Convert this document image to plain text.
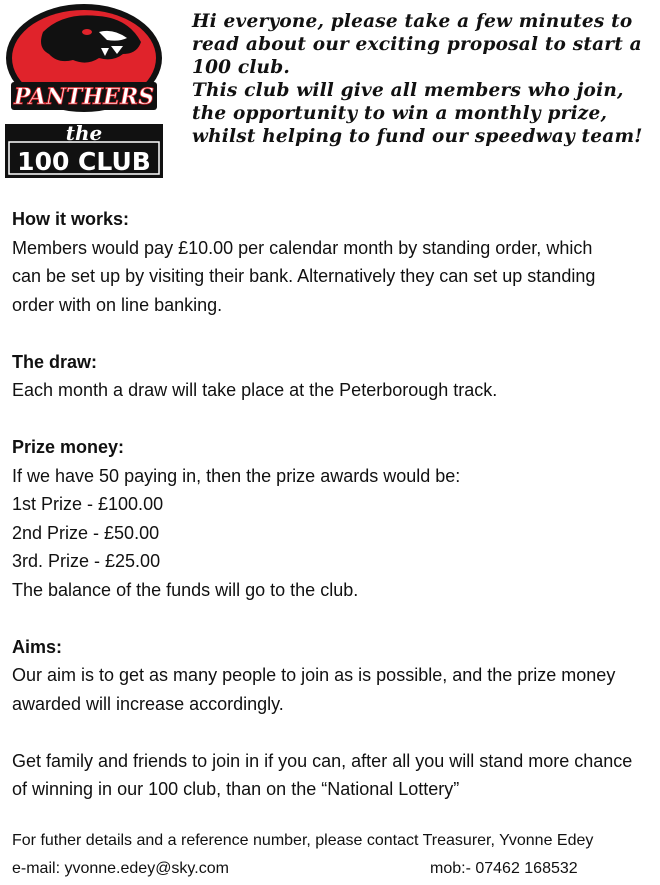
PANTHERS
the
100 CLUB
Hi everyone, please take a few minutes to
read about our exciting proposal to start a
100 club.
This club will give all members who join,
the opportunity to win a monthly prize,
whilst helping to fund our speedway team!
How it works:
Members would pay £10.00 per calendar month by standing order, which
can be set up by visiting their bank. Alternatively they can set up standing
order with on line banking.
The draw:
Each month a draw will take place at the Peterborough track.
Prize money:
If we have 50 paying in, then the prize awards would be:
1st Prize - £100.00
2nd Prize - £50.00
3rd. Prize - £25.00
The balance of the funds will go to the club.
Aims:
Our aim is to get as many people to join as is possible, and the prize money
awarded will increase accordingly.
Get family and friends to join in if you can, after all you will stand more chance
of winning in our 100 club, than on the “National Lottery”
For futher details and a reference number, please contact Treasurer, Yvonne Edey
e-mail: yvonne.edey@sky.com	mob:- 07462 168532
